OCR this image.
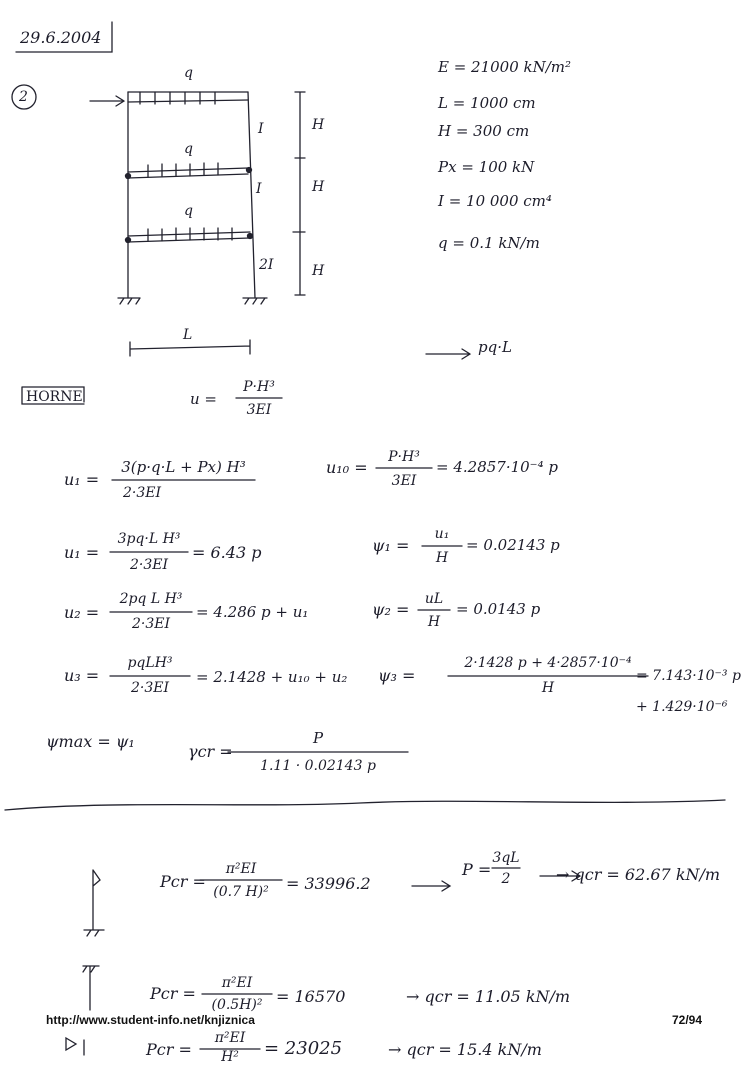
29.6.2004
2
q
q
q
I
I
2I
H
H
H
L
E = 21000 kN/m²
L = 1000 cm
H = 300 cm
Px = 100 kN
I = 10 000 cm⁴
q = 0.1 kN/m
pq·L
HORNE	u =
P·H³
3EI
u₁ =
3(p·q·L + Px) H³
2·3EI
u₁₀ =
P·H³
3EI
= 4.2857·10⁻⁴ p
u₁ =
3pq·L H³
2·3EI
= 6.43 p	ψ₁ =
u₁
H
= 0.02143 p
u₂ =
2pq L H³
2·3EI
= 4.286 p + u₁	ψ₂ =
uL
H
= 0.0143 p
u₃ =
pqLH³
2·3EI
= 2.1428 + u₁₀ + u₂ ψ₃ =
2·1428 p + 4·2857·10⁻⁴
H
= 7.143·10⁻³ p
+ 1.429·10⁻⁶
ψmax = ψ₁
γcr =
P
1.11 · 0.02143 p
Pcr =
π²EI
(0.7 H)²	= 33996.2
P =
3qL
2	→ qcr = 62.67 kN/m
Pcr =
π²EI
(0.5H)² = 16570	→ qcr = 11.05 kN/m
Pcr =
π²EI
H²	= 23025	→ qcr = 15.4 kN/m
http://www.student-info.net/knjiznica	72/94
